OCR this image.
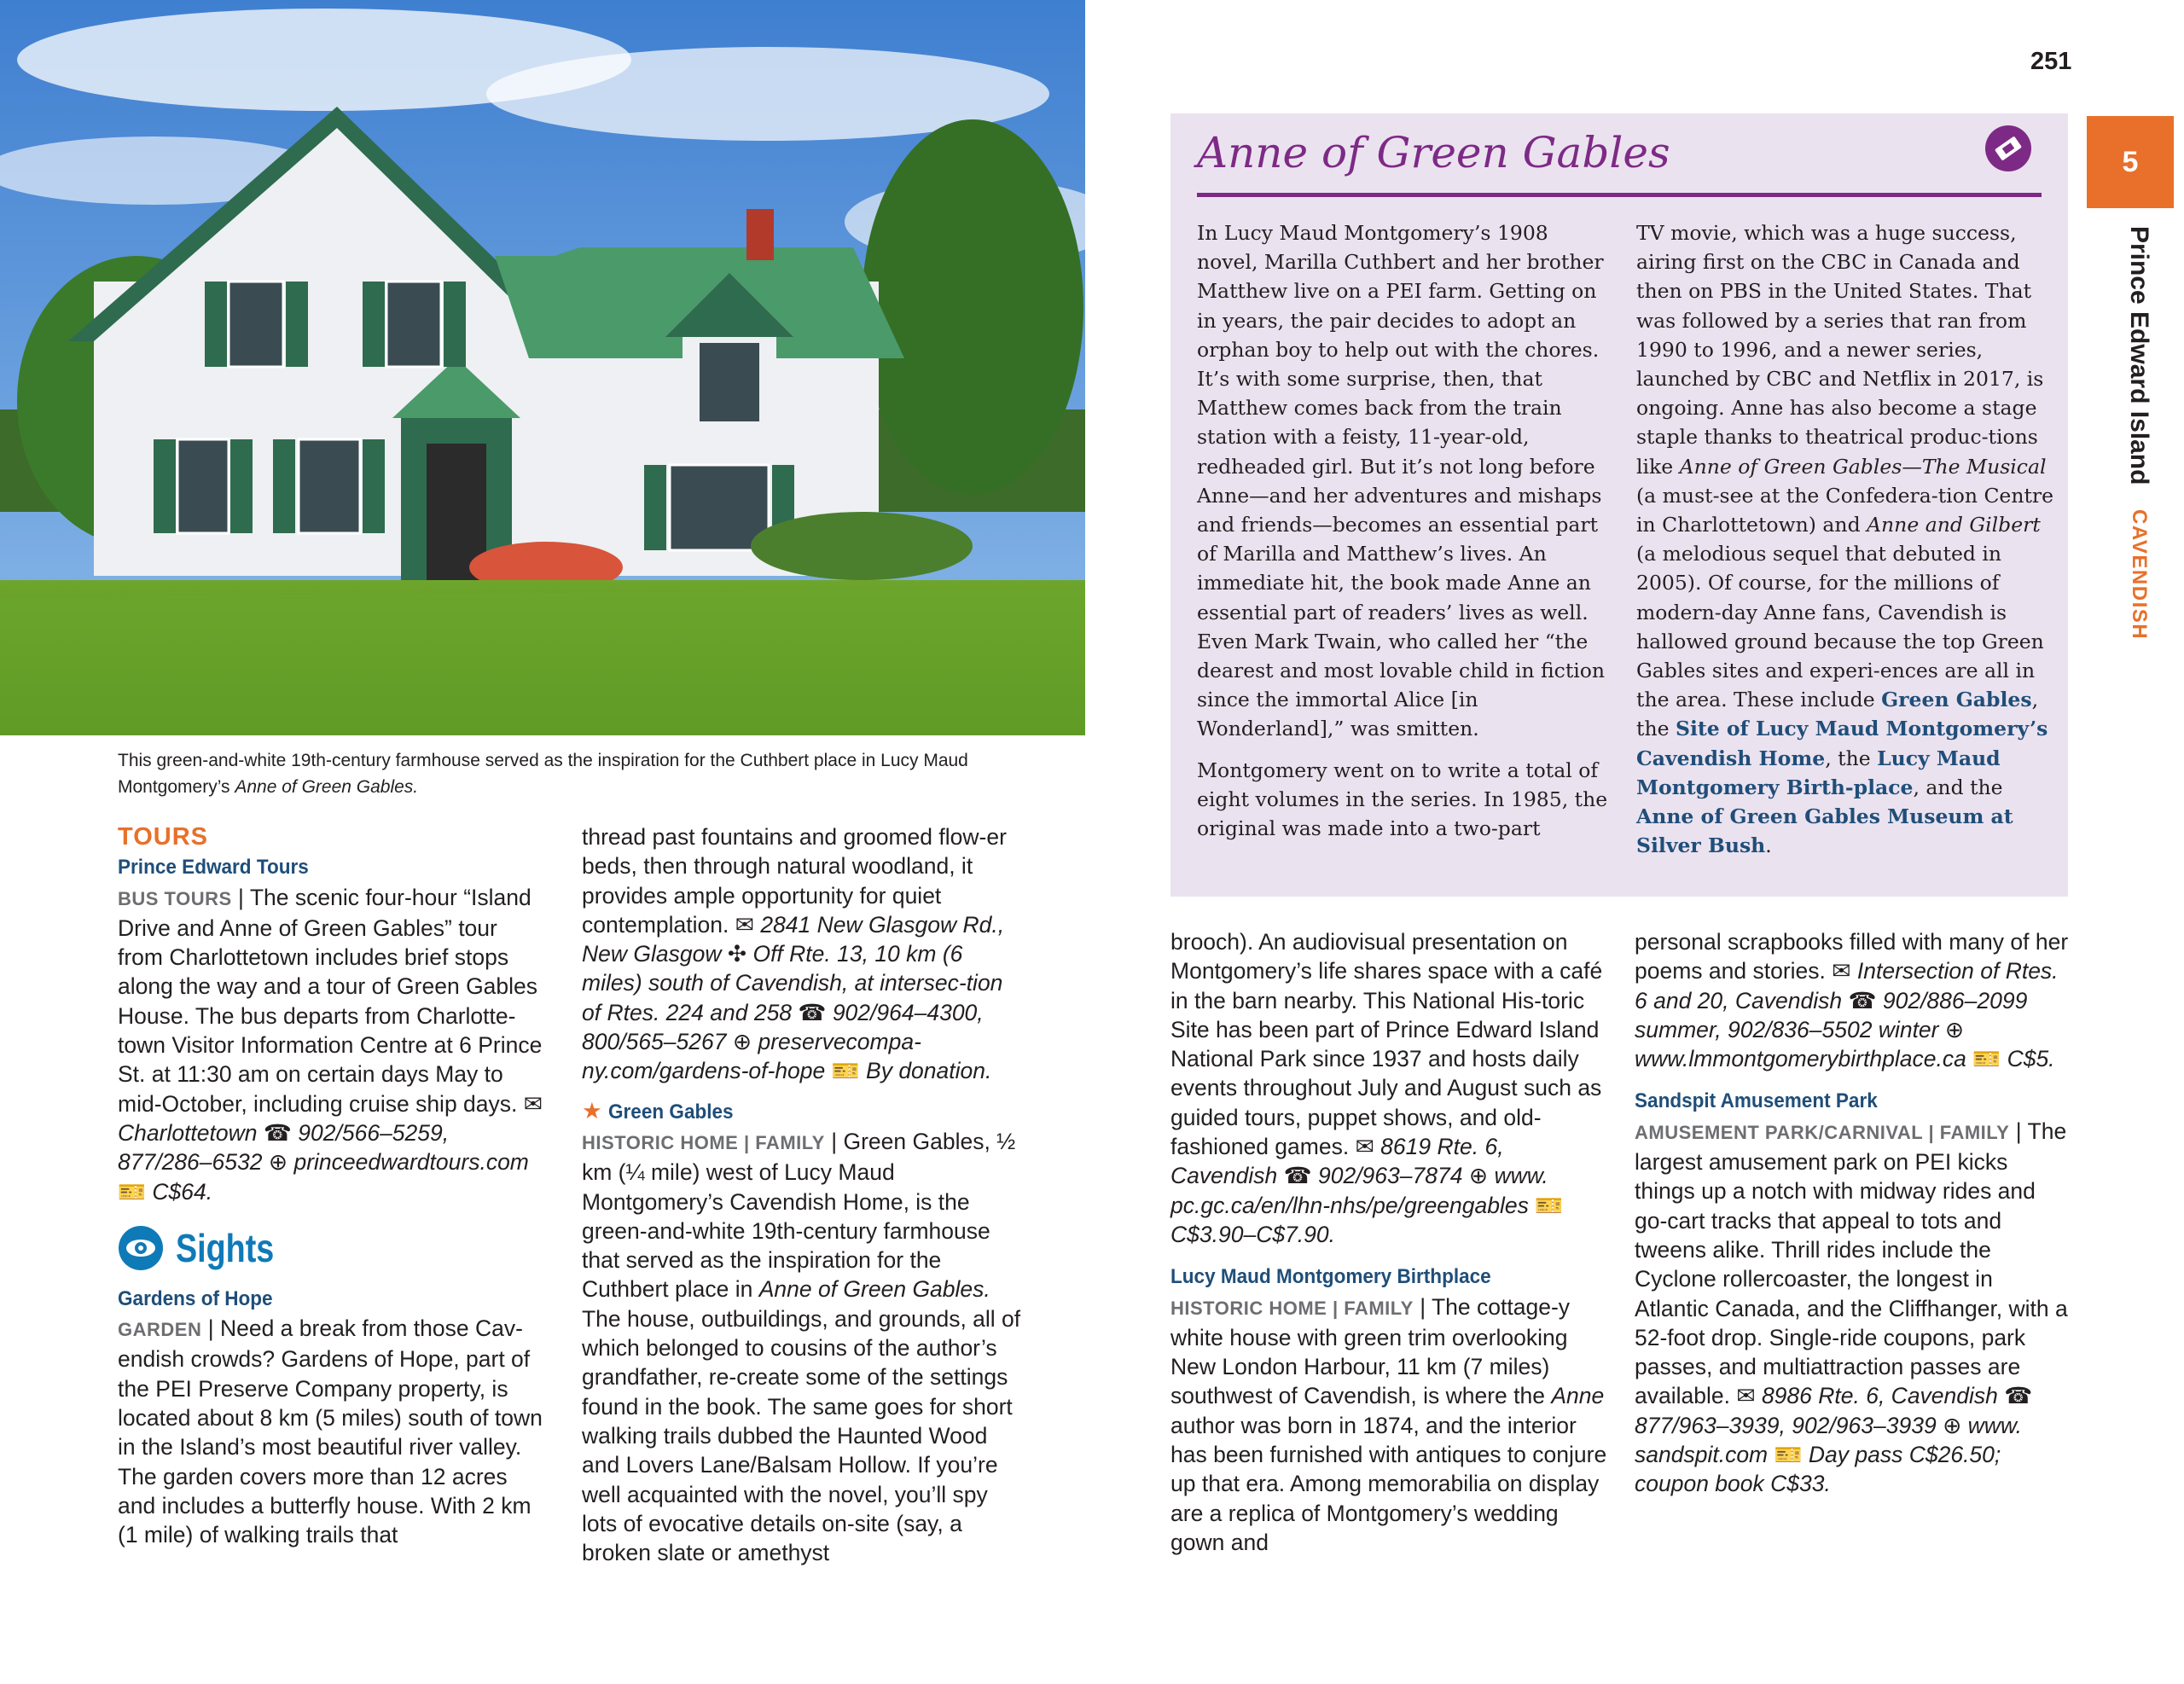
This green-and-white 19th-century farmhouse served as the inspiration for the Cuthbert place in Lucy Maud Montgomery’s Anne of Green Gables.
TOURS
Prince Edward Tours

BUS TOURS | The scenic four-hour “Island Drive and Anne of Green Gables” tour from Charlottetown includes brief stops along the way and a tour of Green Gables House. The bus departs from Charlotte-town Visitor Information Centre at 6 Prince St. at 11:30 am on certain days May to mid-October, including cruise ship days. ✉ Charlottetown ☎ 902/566–5259, 877/286–6532 ⊕ princeedwardtours.com 🎫 C$64.

Sights
Gardens of Hope

GARDEN | Need a break from those Cav-endish crowds? Gardens of Hope, part of the PEI Preserve Company property, is located about 8 km (5 miles) south of town in the Island’s most beautiful river valley. The garden covers more than 12 acres and includes a butterfly house. With 2 km (1 mile) of walking trails that

thread past fountains and groomed flow-er beds, then through natural woodland, it provides ample opportunity for quiet contemplation. ✉ 2841 New Glasgow Rd., New Glasgow ✣ Off Rte. 13, 10 km (6 miles) south of Cavendish, at intersec-tion of Rtes. 224 and 258 ☎ 902/964–4300, 800/565–5267 ⊕ preservecompa-ny.com/gardens-of-hope 🎫 By donation.

★ Green Gables

HISTORIC HOME | FAMILY | Green Gables, ½ km (¼ mile) west of Lucy Maud Montgomery’s Cavendish Home, is the green-and-white 19th-century farmhouse that served as the inspiration for the Cuthbert place in Anne of Green Gables. The house, outbuildings, and grounds, all of which belonged to cousins of the author’s grandfather, re-create some of the settings found in the book. The same goes for short walking trails dubbed the Haunted Wood and Lovers Lane/Balsam Hollow. If you’re well acquainted with the novel, you’ll spy lots of evocative details on-site (say, a broken slate or amethyst

Anne of Green Gables

In Lucy Maud Montgomery’s 1908 novel, Marilla Cuthbert and her brother Matthew live on a PEI farm. Getting on in years, the pair decides to adopt an orphan boy to help out with the chores. It’s with some surprise, then, that Matthew comes back from the train station with a feisty, 11-year-old, redheaded girl. But it’s not long before Anne—and her adventures and mishaps and friends—becomes an essential part of Marilla and Matthew’s lives. An immediate hit, the book made Anne an essential part of readers’ lives as well. Even Mark Twain, who called her “the dearest and most lovable child in fiction since the immortal Alice [in Wonderland],” was smitten.

Montgomery went on to write a total of eight volumes in the series. In 1985, the original was made into a two-part

TV movie, which was a huge success, airing first on the CBC in Canada and then on PBS in the United States. That was followed by a series that ran from 1990 to 1996, and a newer series, launched by CBC and Netflix in 2017, is ongoing. Anne has also become a stage staple thanks to theatrical produc-tions like Anne of Green Gables—The Musical (a must-see at the Confedera-tion Centre in Charlottetown) and Anne and Gilbert (a melodious sequel that debuted in 2005). Of course, for the millions of modern-day Anne fans, Cavendish is hallowed ground because the top Green Gables sites and experi-ences are all in the area. These include Green Gables, the Site of Lucy Maud Montgomery’s Cavendish Home, the Lucy Maud Montgomery Birth-place, and the Anne of Green Gables Museum at Silver Bush.

brooch). An audiovisual presentation on Montgomery’s life shares space with a café in the barn nearby. This National His-toric Site has been part of Prince Edward Island National Park since 1937 and hosts daily events throughout July and August such as guided tours, puppet shows, and old-fashioned games. ✉ 8619 Rte. 6, Cavendish ☎ 902/963–7874 ⊕ www. pc.gc.ca/en/lhn-nhs/pe/greengables 🎫 C$3.90–C$7.90.

Lucy Maud Montgomery Birthplace

HISTORIC HOME | FAMILY | The cottage-y white house with green trim overlooking New London Harbour, 11 km (7 miles) southwest of Cavendish, is where the Anne author was born in 1874, and the interior has been furnished with antiques to conjure up that era. Among memorabilia on display are a replica of Montgomery’s wedding gown and

personal scrapbooks filled with many of her poems and stories. ✉ Intersection of Rtes. 6 and 20, Cavendish ☎ 902/886–2099 summer, 902/836–5502 winter ⊕ www.lmmontgomerybirthplace.ca 🎫 C$5.

Sandspit Amusement Park

AMUSEMENT PARK/CARNIVAL | FAMILY | The largest amusement park on PEI kicks things up a notch with midway rides and go-cart tracks that appeal to tots and tweens alike. Thrill rides include the Cyclone rollercoaster, the longest in Atlantic Canada, and the Cliffhanger, with a 52-foot drop. Single-ride coupons, park passes, and multiattraction passes are available. ✉ 8986 Rte. 6, Cavendish ☎ 877/963–3939, 902/963–3939 ⊕ www. sandspit.com 🎫 Day pass C$26.50; coupon book C$33.

251
5
Prince Edward Island CAVENDISH
